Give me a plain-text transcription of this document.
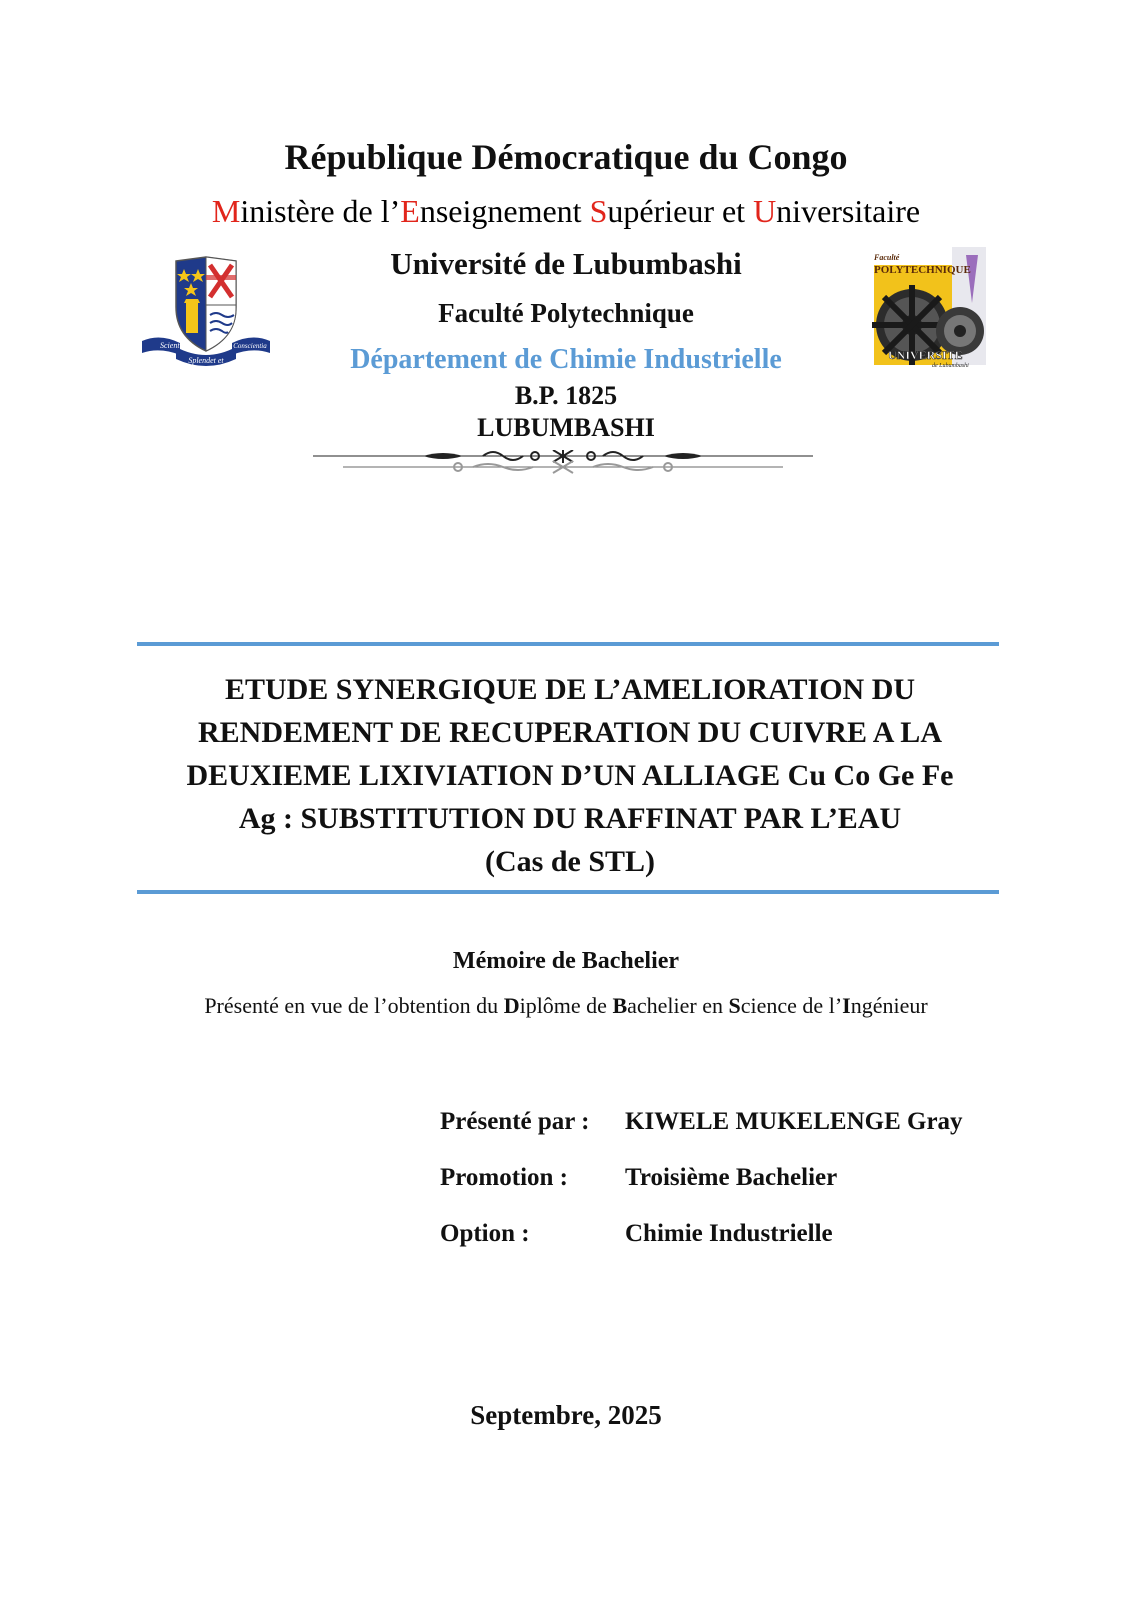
République Démocratique du Congo
Ministère de l’Enseignement Supérieur et Universitaire
Université de Lubumbashi
Faculté Polytechnique
Département de Chimie Industrielle
B.P. 1825
LUBUMBASHI
Scientia
Splendet et
Conscientia
Faculté
POLYTECHNIQUE
UNIVERSITE
de Lubumbashi
ETUDE SYNERGIQUE DE L’AMELIORATION DU
RENDEMENT DE RECUPERATION DU CUIVRE A LA
DEUXIEME LIXIVIATION D’UN ALLIAGE Cu Co Ge Fe
Ag : SUBSTITUTION DU RAFFINAT PAR L’EAU
(Cas de STL)
Mémoire de Bachelier
Présenté en vue de l’obtention du Diplôme de Bachelier en Science de l’Ingénieur
Présenté par : KIWELE MUKELENGE Gray
Promotion : Troisième Bachelier
Option :	Chimie Industrielle
Septembre, 2025
